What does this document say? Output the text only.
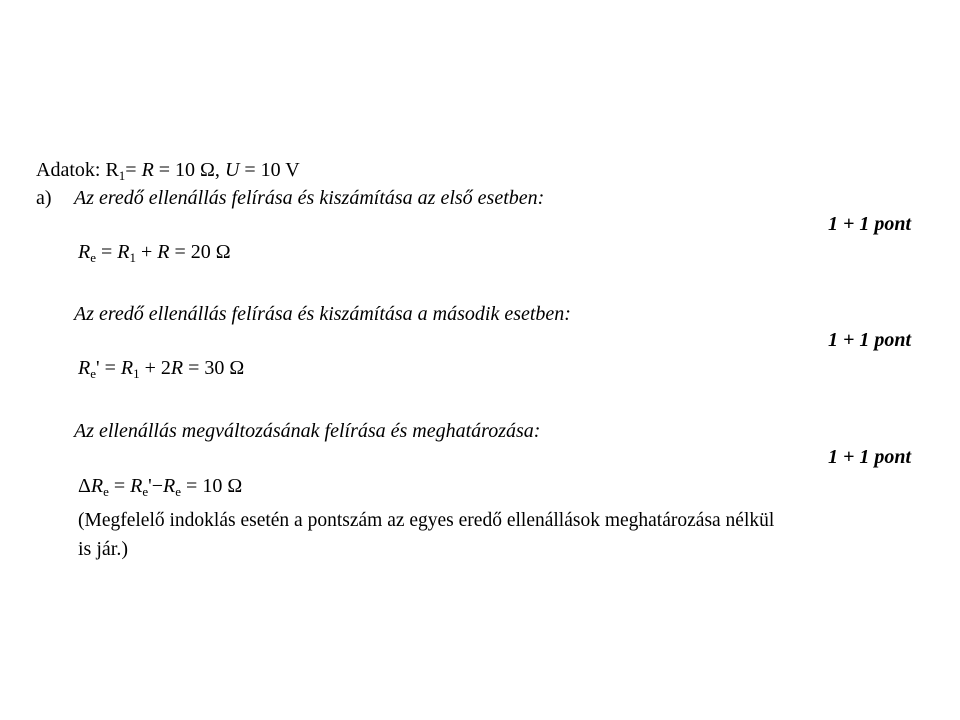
Adatok: $R_1= R = 10$ Ω, U = 10 V
a) Az eredő ellenállás felírása és kiszámítása az első esetben:
1 + 1 pont
$R_e = R_1 + R = 20$ Ω
Az eredő ellenállás felírása és kiszámítása a második esetben:
1 + 1 pont
$R_e' = R_1 + 2R = 30$ Ω
Az ellenállás megváltozásának felírása és meghatározása:
1 + 1 pont
$\Delta R_e = R_e'-R_e = 10$ Ω
(Megfelelő indoklás esetén a pontszám az egyes eredő ellenállások meghatározása nélkül
is jár.)
